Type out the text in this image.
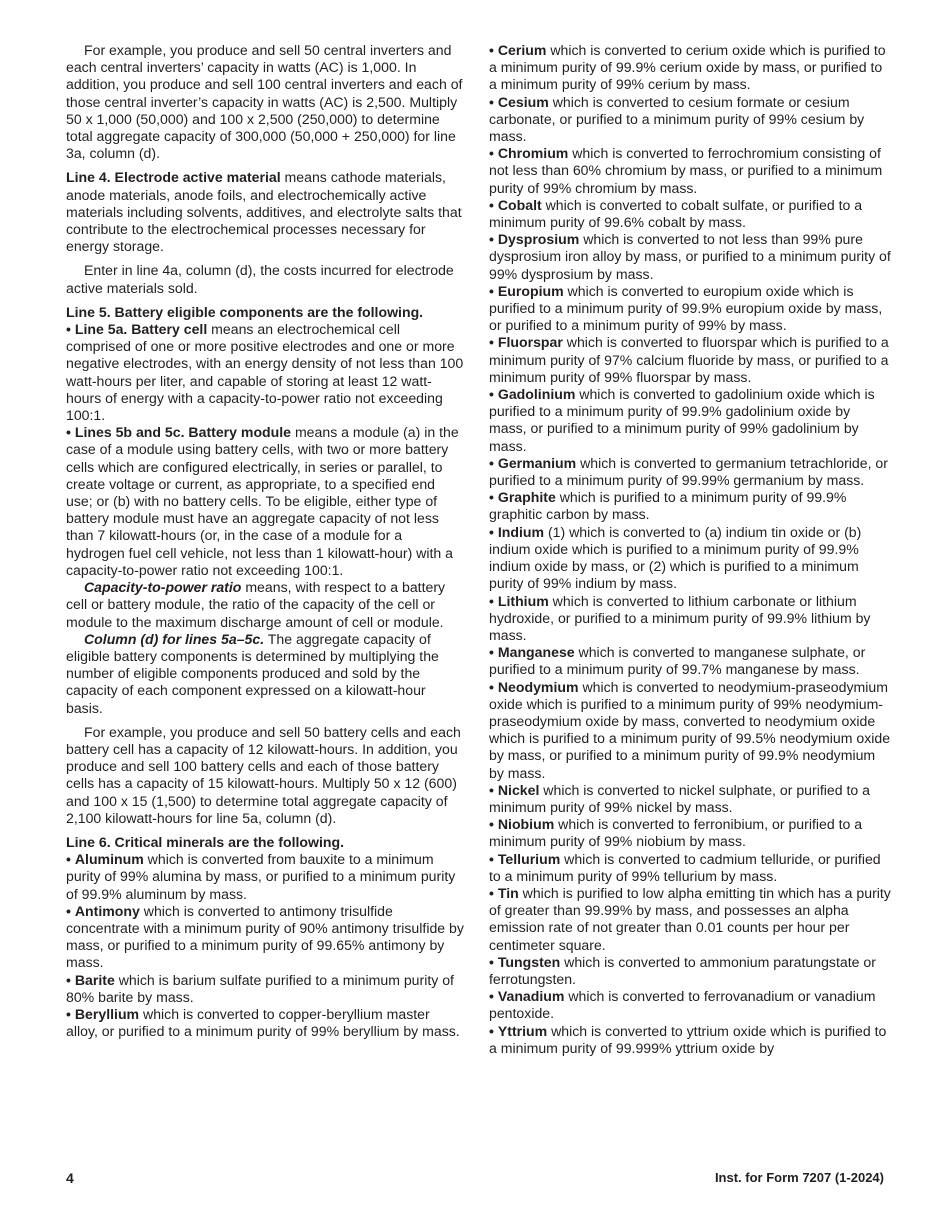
For example, you produce and sell 50 central inverters and each central inverters’ capacity in watts (AC) is 1,000. In addition, you produce and sell 100 central inverters and each of those central inverter’s capacity in watts (AC) is 2,500. Multiply 50 x 1,000 (50,000) and 100 x 2,500 (250,000) to determine total aggregate capacity of 300,000 (50,000 + 250,000) for line 3a, column (d).

Line 4. Electrode active material means cathode materials, anode materials, anode foils, and electrochemically active materials including solvents, additives, and electrolyte salts that contribute to the electrochemical processes necessary for energy storage.

Enter in line 4a, column (d), the costs incurred for electrode active materials sold.

Line 5. Battery eligible components are the following.

• Line 5a. Battery cell means an electrochemical cell comprised of one or more positive electrodes and one or more negative electrodes, with an energy density of not less than 100 watt-hours per liter, and capable of storing at least 12 watt-hours of energy with a capacity-to-power ratio not exceeding 100:1.

• Lines 5b and 5c. Battery module means a module (a) in the case of a module using battery cells, with two or more battery cells which are configured electrically, in series or parallel, to create voltage or current, as appropriate, to a specified end use; or (b) with no battery cells. To be eligible, either type of battery module must have an aggregate capacity of not less than 7 kilowatt-hours (or, in the case of a module for a hydrogen fuel cell vehicle, not less than 1 kilowatt-hour) with a capacity-to-power ratio not exceeding 100:1.

Capacity-to-power ratio means, with respect to a battery cell or battery module, the ratio of the capacity of the cell or module to the maximum discharge amount of cell or module.

Column (d) for lines 5a–5c. The aggregate capacity of eligible battery components is determined by multiplying the number of eligible components produced and sold by the capacity of each component expressed on a kilowatt-hour basis.

For example, you produce and sell 50 battery cells and each battery cell has a capacity of 12 kilowatt-hours. In addition, you produce and sell 100 battery cells and each of those battery cells has a capacity of 15 kilowatt-hours. Multiply 50 x 12 (600) and 100 x 15 (1,500) to determine total aggregate capacity of 2,100 kilowatt-hours for line 5a, column (d).

Line 6. Critical minerals are the following.

• Aluminum which is converted from bauxite to a minimum purity of 99% alumina by mass, or purified to a minimum purity of 99.9% aluminum by mass.

• Antimony which is converted to antimony trisulfide concentrate with a minimum purity of 90% antimony trisulfide by mass, or purified to a minimum purity of 99.65% antimony by mass.

• Barite which is barium sulfate purified to a minimum purity of 80% barite by mass.

• Beryllium which is converted to copper-beryllium master alloy, or purified to a minimum purity of 99% beryllium by mass.

• Cerium which is converted to cerium oxide which is purified to a minimum purity of 99.9% cerium oxide by mass, or purified to a minimum purity of 99% cerium by mass.

• Cesium which is converted to cesium formate or cesium carbonate, or purified to a minimum purity of 99% cesium by mass.

• Chromium which is converted to ferrochromium consisting of not less than 60% chromium by mass, or purified to a minimum purity of 99% chromium by mass.

• Cobalt which is converted to cobalt sulfate, or purified to a minimum purity of 99.6% cobalt by mass.

• Dysprosium which is converted to not less than 99% pure dysprosium iron alloy by mass, or purified to a minimum purity of 99% dysprosium by mass.

• Europium which is converted to europium oxide which is purified to a minimum purity of 99.9% europium oxide by mass, or purified to a minimum purity of 99% by mass.

• Fluorspar which is converted to fluorspar which is purified to a minimum purity of 97% calcium fluoride by mass, or purified to a minimum purity of 99% fluorspar by mass.

• Gadolinium which is converted to gadolinium oxide which is purified to a minimum purity of 99.9% gadolinium oxide by mass, or purified to a minimum purity of 99% gadolinium by mass.

• Germanium which is converted to germanium tetrachloride, or purified to a minimum purity of 99.99% germanium by mass.

• Graphite which is purified to a minimum purity of 99.9% graphitic carbon by mass.

• Indium (1) which is converted to (a) indium tin oxide or (b) indium oxide which is purified to a minimum purity of 99.9% indium oxide by mass, or (2) which is purified to a minimum purity of 99% indium by mass.

• Lithium which is converted to lithium carbonate or lithium hydroxide, or purified to a minimum purity of 99.9% lithium by mass.

• Manganese which is converted to manganese sulphate, or purified to a minimum purity of 99.7% manganese by mass.

• Neodymium which is converted to neodymium-praseodymium oxide which is purified to a minimum purity of 99% neodymium-praseodymium oxide by mass, converted to neodymium oxide which is purified to a minimum purity of 99.5% neodymium oxide by mass, or purified to a minimum purity of 99.9% neodymium by mass.

• Nickel which is converted to nickel sulphate, or purified to a minimum purity of 99% nickel by mass.

• Niobium which is converted to ferronibium, or purified to a minimum purity of 99% niobium by mass.

• Tellurium which is converted to cadmium telluride, or purified to a minimum purity of 99% tellurium by mass.

• Tin which is purified to low alpha emitting tin which has a purity of greater than 99.99% by mass, and possesses an alpha emission rate of not greater than 0.01 counts per hour per centimeter square.

• Tungsten which is converted to ammonium paratungstate or ferrotungsten.

• Vanadium which is converted to ferrovanadium or vanadium pentoxide.

• Yttrium which is converted to yttrium oxide which is purified to a minimum purity of 99.999% yttrium oxide by

4	Inst. for Form 7207 (1-2024)
